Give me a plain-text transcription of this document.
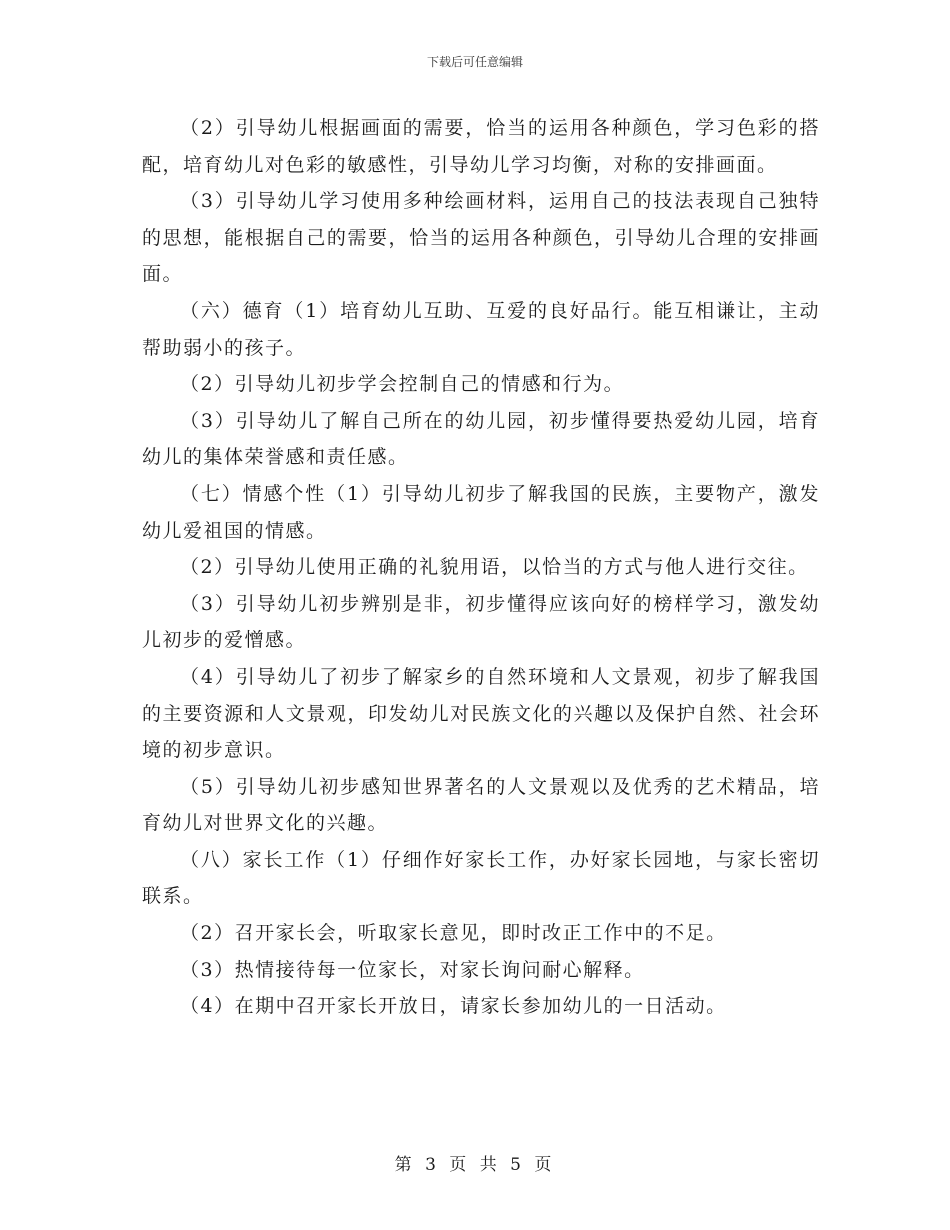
下载后可任意编辑

（2）引导幼儿根据画面的需要，恰当的运用各种颜色，学习色彩的搭配，培育幼儿对色彩的敏感性，引导幼儿学习均衡，对称的安排画面。

（3）引导幼儿学习使用多种绘画材料，运用自己的技法表现自己独特的思想，能根据自己的需要，恰当的运用各种颜色，引导幼儿合理的安排画面。

（六）德育（1）培育幼儿互助、互爱的良好品行。能互相谦让，主动帮助弱小的孩子。

（2）引导幼儿初步学会控制自己的情感和行为。

（3）引导幼儿了解自己所在的幼儿园，初步懂得要热爱幼儿园，培育幼儿的集体荣誉感和责任感。

（七）情感个性（1）引导幼儿初步了解我国的民族，主要物产，激发幼儿爱祖国的情感。

（2）引导幼儿使用正确的礼貌用语，以恰当的方式与他人进行交往。

（3）引导幼儿初步辨别是非，初步懂得应该向好的榜样学习，激发幼儿初步的爱憎感。

（4）引导幼儿了初步了解家乡的自然环境和人文景观，初步了解我国的主要资源和人文景观，印发幼儿对民族文化的兴趣以及保护自然、社会环境的初步意识。

（5）引导幼儿初步感知世界著名的人文景观以及优秀的艺术精品，培育幼儿对世界文化的兴趣。

（八）家长工作（1）仔细作好家长工作，办好家长园地，与家长密切联系。

（2）召开家长会，听取家长意见，即时改正工作中的不足。

（3）热情接待每一位家长，对家长询问耐心解释。

（4）在期中召开家长开放日，请家长参加幼儿的一日活动。

第 3 页 共 5 页
